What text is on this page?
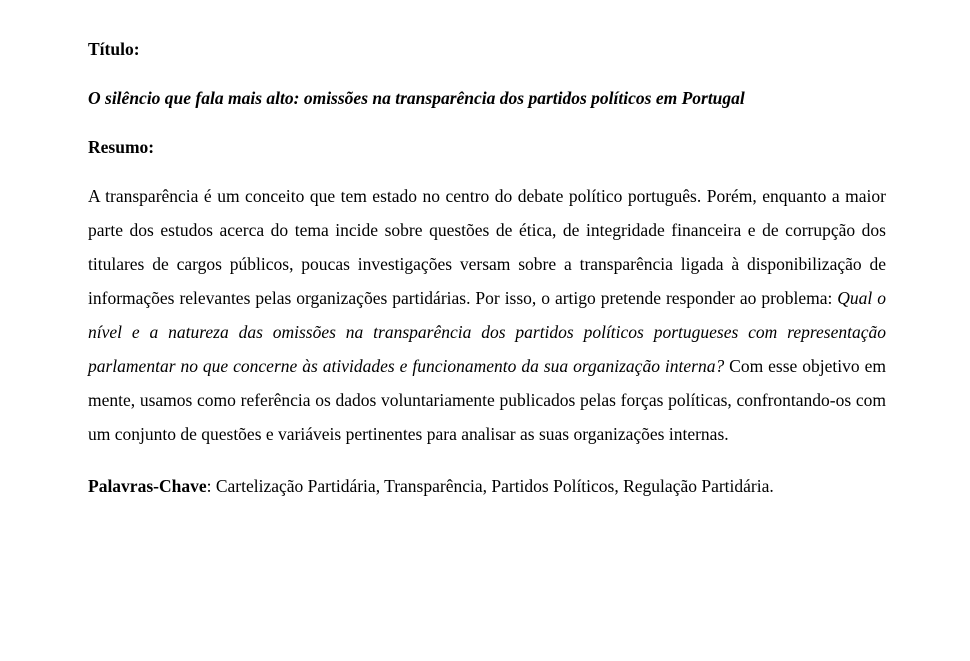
Título:
O silêncio que fala mais alto: omissões na transparência dos partidos políticos em Portugal
Resumo:

A transparência é um conceito que tem estado no centro do debate político português. Porém, enquanto a maior parte dos estudos acerca do tema incide sobre questões de ética, de integridade financeira e de corrupção dos titulares de cargos públicos, poucas investigações versam sobre a transparência ligada à disponibilização de informações relevantes pelas organizações partidárias. Por isso, o artigo pretende responder ao problema: Qual o nível e a natureza das omissões na transparência dos partidos políticos portugueses com representação parlamentar no que concerne às atividades e funcionamento da sua organização interna? Com esse objetivo em mente, usamos como referência os dados voluntariamente publicados pelas forças políticas, confrontando-os com um conjunto de questões e variáveis pertinentes para analisar as suas organizações internas.

Palavras-Chave: Cartelização Partidária, Transparência, Partidos Políticos, Regulação Partidária.
